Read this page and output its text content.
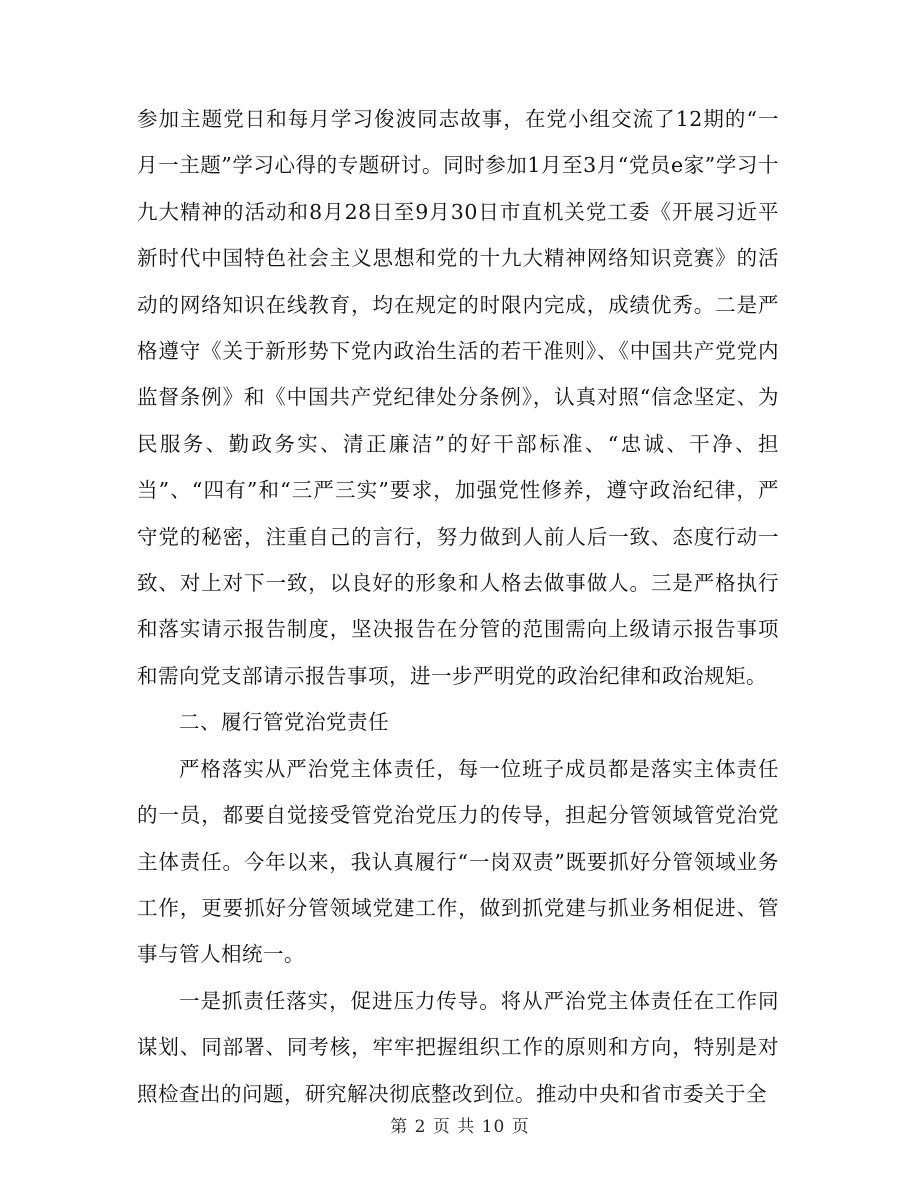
参加主题党日和每月学习俊波同志故事，在党小组交流了12期的“一月一主题”学习心得的专题研讨。同时参加1月至3月“党员e家”学习十九大精神的活动和8月28日至9月30日市直机关党工委《开展习近平新时代中国特色社会主义思想和党的十九大精神网络知识竞赛》的活动的网络知识在线教育，均在规定的时限内完成，成绩优秀。二是严格遵守《关于新形势下党内政治生活的若干准则》、《中国共产党党内监督条例》和《中国共产党纪律处分条例》，认真对照“信念坚定、为民服务、勤政务实、清正廉洁”的好干部标准、“忠诚、干净、担当”、“四有”和“三严三实”要求，加强党性修养，遵守政治纪律，严守党的秘密，注重自己的言行，努力做到人前人后一致、态度行动一致、对上对下一致，以良好的形象和人格去做事做人。三是严格执行和落实请示报告制度，坚决报告在分管的范围需向上级请示报告事项和需向党支部请示报告事项，进一步严明党的政治纪律和政治规矩。

二、履行管党治党责任

严格落实从严治党主体责任，每一位班子成员都是落实主体责任的一员，都要自觉接受管党治党压力的传导，担起分管领域管党治党主体责任。今年以来，我认真履行“一岗双责”既要抓好分管领域业务工作，更要抓好分管领域党建工作，做到抓党建与抓业务相促进、管事与管人相统一。

一是抓责任落实，促进压力传导。将从严治党主体责任在工作同谋划、同部署、同考核，牢牢把握组织工作的原则和方向，特别是对照检查出的问题，研究解决彻底整改到位。推动中央和省市委关于全

第 2 页 共 10 页
